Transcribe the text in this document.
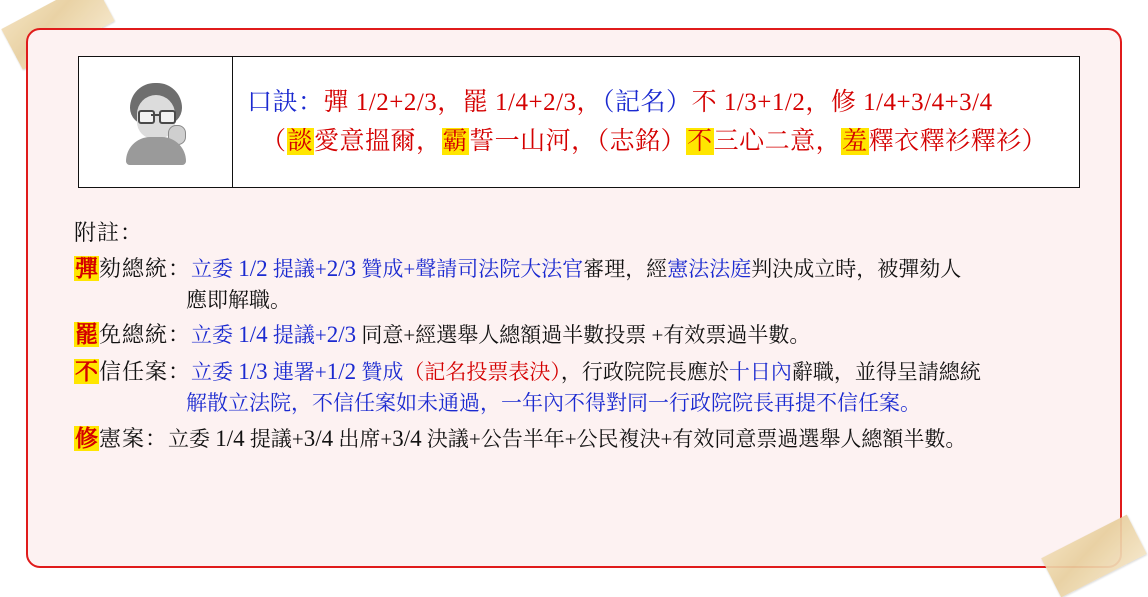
口訣：彈 1/2+2/3，罷 1/4+2/3，（記名）不 1/3+1/2，修 1/4+3/4+3/4
（談愛意搵爾，霸誓一山河，（志銘）不三心二意，羞釋衣釋衫釋衫）
附註：
彈劾總統：立委 1/2 提議+2/3 贊成+聲請司法院大法官審理，經憲法法庭判決成立時，被彈劾人
應即解職。
罷免總統：立委 1/4 提議+2/3 同意+經選舉人總額過半數投票 +有效票過半數。
不信任案：立委 1/3 連署+1/2 贊成（記名投票表決），行政院院長應於十日內辭職，並得呈請總統
解散立法院，不信任案如未通過，一年內不得對同一行政院院長再提不信任案。
修憲案：立委 1/4 提議+3/4 出席+3/4 決議+公告半年+公民複決+有效同意票過選舉人總額半數。
